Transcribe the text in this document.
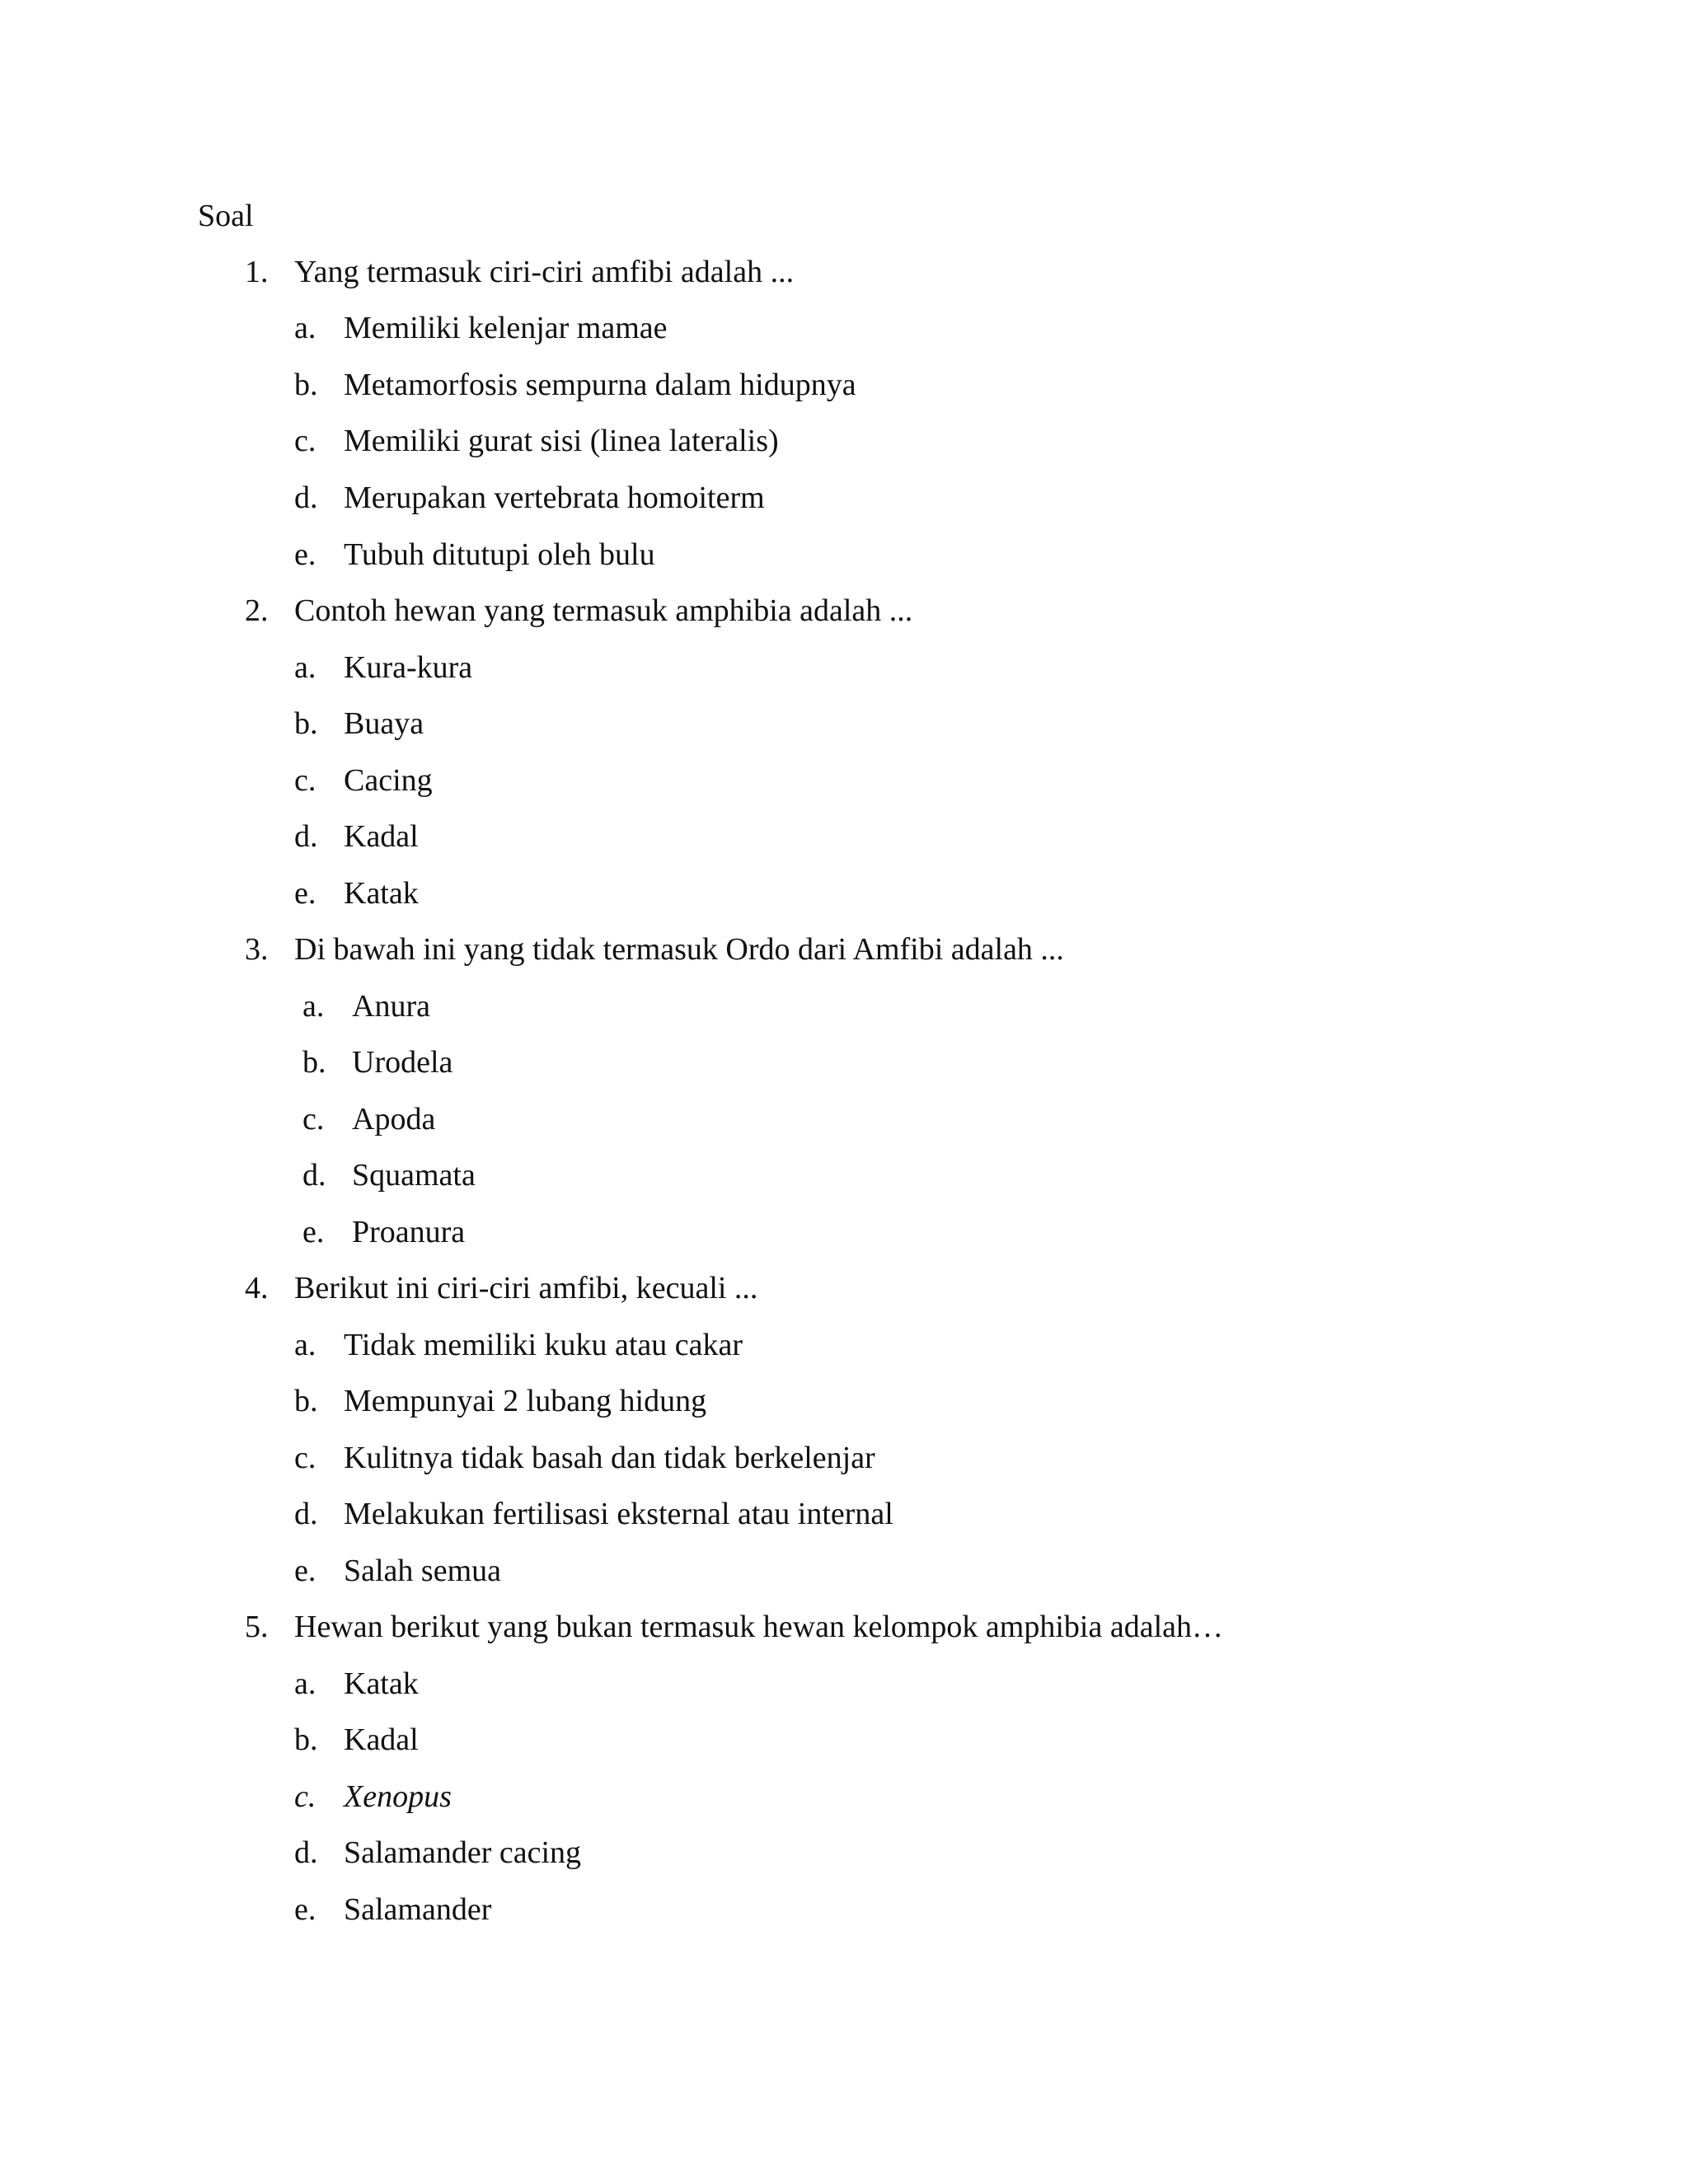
Soal
1. Yang termasuk ciri-ciri amfibi adalah ...
a. Memiliki kelenjar mamae
b. Metamorfosis sempurna dalam hidupnya
c. Memiliki gurat sisi (linea lateralis)
d. Merupakan vertebrata homoiterm
e. Tubuh ditutupi oleh bulu
2. Contoh hewan yang termasuk amphibia adalah ...
a. Kura-kura
b. Buaya
c. Cacing
d. Kadal
e. Katak
3. Di bawah ini yang tidak termasuk Ordo dari Amfibi adalah ...
a. Anura
b. Urodela
c. Apoda
d. Squamata
e. Proanura
4. Berikut ini ciri-ciri amfibi, kecuali ...
a. Tidak memiliki kuku atau cakar
b. Mempunyai 2 lubang hidung
c. Kulitnya tidak basah dan tidak berkelenjar
d. Melakukan fertilisasi eksternal atau internal
e. Salah semua
5. Hewan berikut yang bukan termasuk hewan kelompok amphibia adalah…
a. Katak
b. Kadal
c. Xenopus
d. Salamander cacing
e. Salamander
